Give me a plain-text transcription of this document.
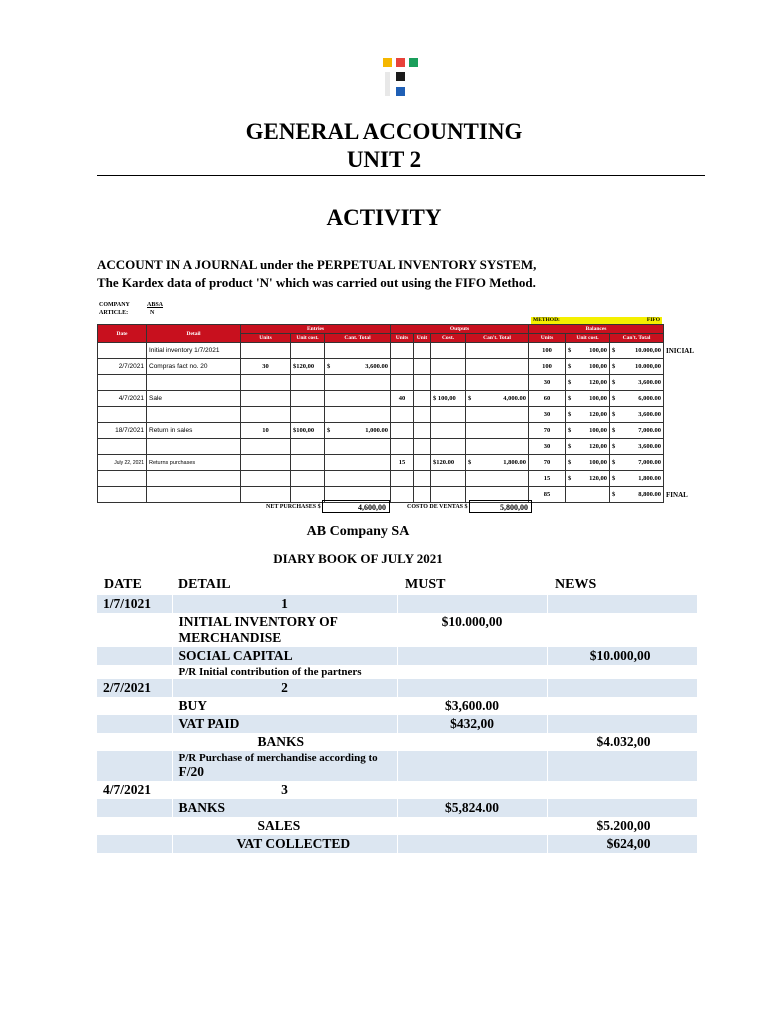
GENERAL ACCOUNTING
UNIT 2
ACTIVITY
ACCOUNT IN A JOURNAL under the PERPETUAL INVENTORY SYSTEM,
The Kardex data of product 'N' which was carried out using the FIFO Method.
COMPANY	ABSA
ARTICLE:	N
METHOD:	FIFO
Date	Detail	Entries			Outputs				Balances			
		Units	Unit cost.	Cant. Total	Units	Unit	Cost.	Can't. Total	Units	Unit cost.	Can't. Total	
	Initial inventory 1/7/2021								100	$ 100,00	$ 10.000,00	INICIAL
2/7/2021	Compras fact no. 20	30	$120,00	$ 3,600.00					100	$ 100,00	$ 10.000,00	
									30	$ 120,00	$ 3,600.00	
4/7/2021	Sale				40		$ 100,00	$ 4,000.00	60	$ 100,00	$ 6,000.00	
									30	$ 120,00	$ 3,600.00	
18/7/2021	Return in sales	10	$100,00	$ 1,000.00					70	$ 100,00	$ 7,000.00	
									30	$ 120,00	$ 3,600.00	
July 22, 2021	Returns purchases				15		$120.00	$ 1,800.00	70	$ 100,00	$ 7,000.00	
									15	$ 120,00	$ 1,800.00	
									85		$ 8,800.00	FINAL
NET PURCHASES $	4,600,00	COSTO DE VENTAS $	5,800,00
AB Company SA
DIARY BOOK OF JULY 2021
DATE	DETAIL	MUST	NEWS
1/7/1021	1		
	INITIAL INVENTORY OF MERCHANDISE	$10.000,00	
	SOCIAL CAPITAL		$10.000,00
	P/R Initial contribution of the partners		
2/7/2021	2		
	BUY	$3,600.00	
	VAT PAID	$432,00	
	BANKS		$4.032,00

	P/R Purchase of merchandise according to
F/20		

4/7/2021	3		
	BANKS	$5,824.00	
	SALES		$5.200,00
	VAT COLLECTED		$624,00
